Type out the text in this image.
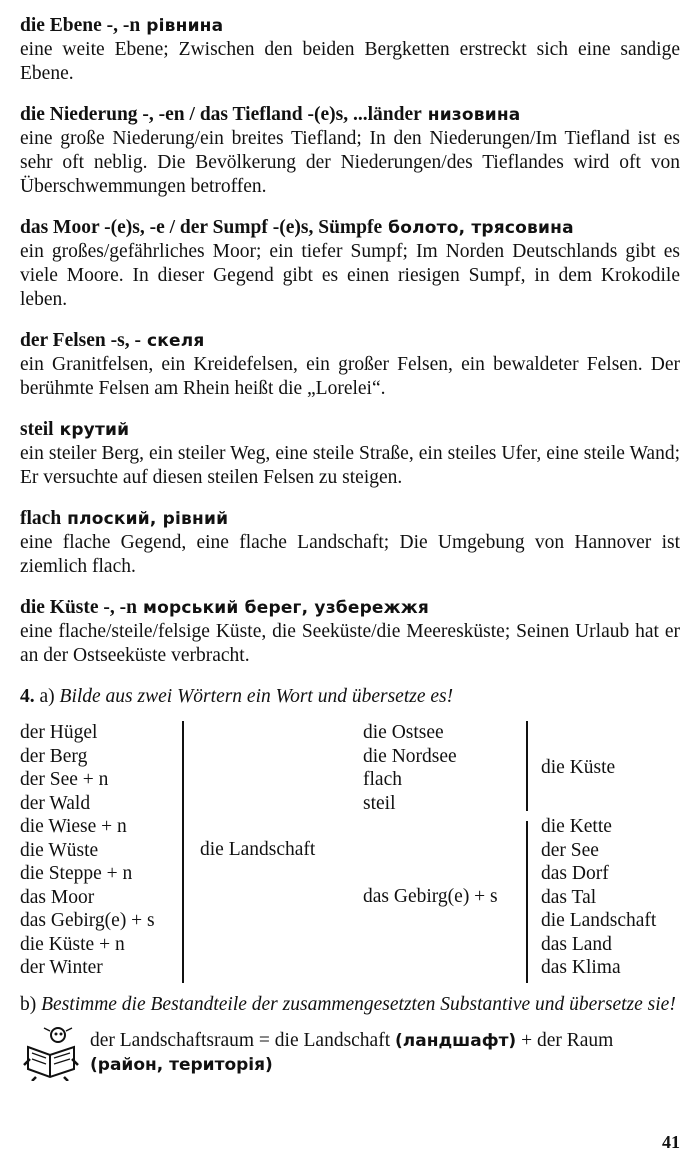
die Ebene -, -n рівнина
eine weite Ebene; Zwischen den beiden Bergketten erstreckt sich eine sandige Ebene.
die Niederung -, -en / das Tiefland -(e)s, ...länder низовина
eine große Niederung/ein breites Tiefland; In den Niederungen/Im Tiefland ist es sehr oft neblig. Die Bevölkerung der Niederungen/des Tieflandes wird oft von Überschwemmungen betroffen.
das Moor -(e)s, -e / der Sumpf -(e)s, Sümpfe болото, трясовина
ein großes/gefährliches Moor; ein tiefer Sumpf; Im Norden Deutschlands gibt es viele Moore. In dieser Gegend gibt es einen riesigen Sumpf, in dem Krokodile leben.
der Felsen -s, - скеля
ein Granitfelsen, ein Kreidefelsen, ein großer Felsen, ein bewaldeter Felsen. Der berühmte Felsen am Rhein heißt die „Lorelei“.
steil крутий
ein steiler Berg, ein steiler Weg, eine steile Straße, ein steiles Ufer, eine steile Wand; Er versuchte auf diesen steilen Felsen zu steigen.
flach плоский, рівний
eine flache Gegend, eine flache Landschaft; Die Umgebung von Hannover ist ziemlich flach.
die Küste -, -n морський берег, узбережжя
eine flache/steile/felsige Küste, die Seeküste/die Meeresküste; Seinen Urlaub hat er an der Ostseeküste verbracht.
4. a) Bilde aus zwei Wörtern ein Wort und übersetze es!
der Hügel
der Berg
der See + n
der Wald
die Wiese + n
die Wüste
die Steppe + n
das Moor
das Gebirg(e) + s
die Küste + n
der Winter
die Landschaft
die Ostsee
die Nordsee
flach
steil
das Gebirg(e) + s
die Küste
die Kette
der See
das Dorf
das Tal
die Landschaft
das Land
das Klima
b) Bestimme die Bestandteile der zusammengesetzten Substantive und übersetze sie!
der Landschaftsraum = die Landschaft (ландшафт) + der Raum
(район, територія)
41
